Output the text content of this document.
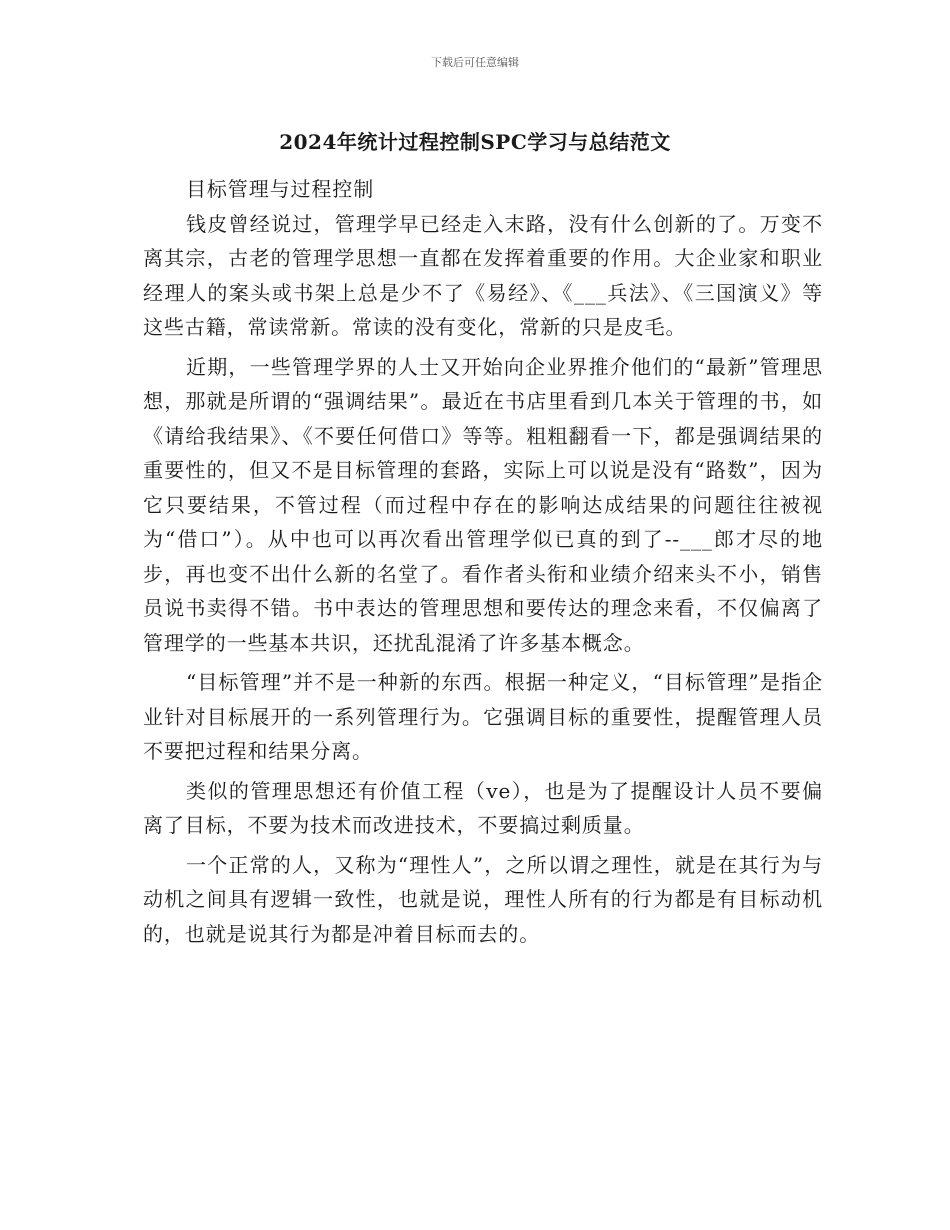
下载后可任意编辑
2024年统计过程控制SPC学习与总结范文

目标管理与过程控制

钱皮曾经说过，管理学早已经走入末路，没有什么创新的了。万变不离其宗，古老的管理学思想一直都在发挥着重要的作用。大企业家和职业经理人的案头或书架上总是少不了《易经》、《___兵法》、《三国演义》等这些古籍，常读常新。常读的没有变化，常新的只是皮毛。

近期，一些管理学界的人士又开始向企业界推介他们的“最新”管理思想，那就是所谓的“强调结果”。最近在书店里看到几本关于管理的书，如《请给我结果》、《不要任何借口》等等。粗粗翻看一下，都是强调结果的重要性的，但又不是目标管理的套路，实际上可以说是没有“路数”，因为它只要结果，不管过程（而过程中存在的影响达成结果的问题往往被视为“借口”）。从中也可以再次看出管理学似已真的到了--___郎才尽的地步，再也变不出什么新的名堂了。看作者头衔和业绩介绍来头不小，销售员说书卖得不错。书中表达的管理思想和要传达的理念来看，不仅偏离了管理学的一些基本共识，还扰乱混淆了许多基本概念。

“目标管理”并不是一种新的东西。根据一种定义，“目标管理”是指企业针对目标展开的一系列管理行为。它强调目标的重要性，提醒管理人员不要把过程和结果分离。

类似的管理思想还有价值工程（ve），也是为了提醒设计人员不要偏离了目标，不要为技术而改进技术，不要搞过剩质量。

一个正常的人，又称为“理性人”，之所以谓之理性，就是在其行为与动机之间具有逻辑一致性，也就是说，理性人所有的行为都是有目标动机的，也就是说其行为都是冲着目标而去的。
